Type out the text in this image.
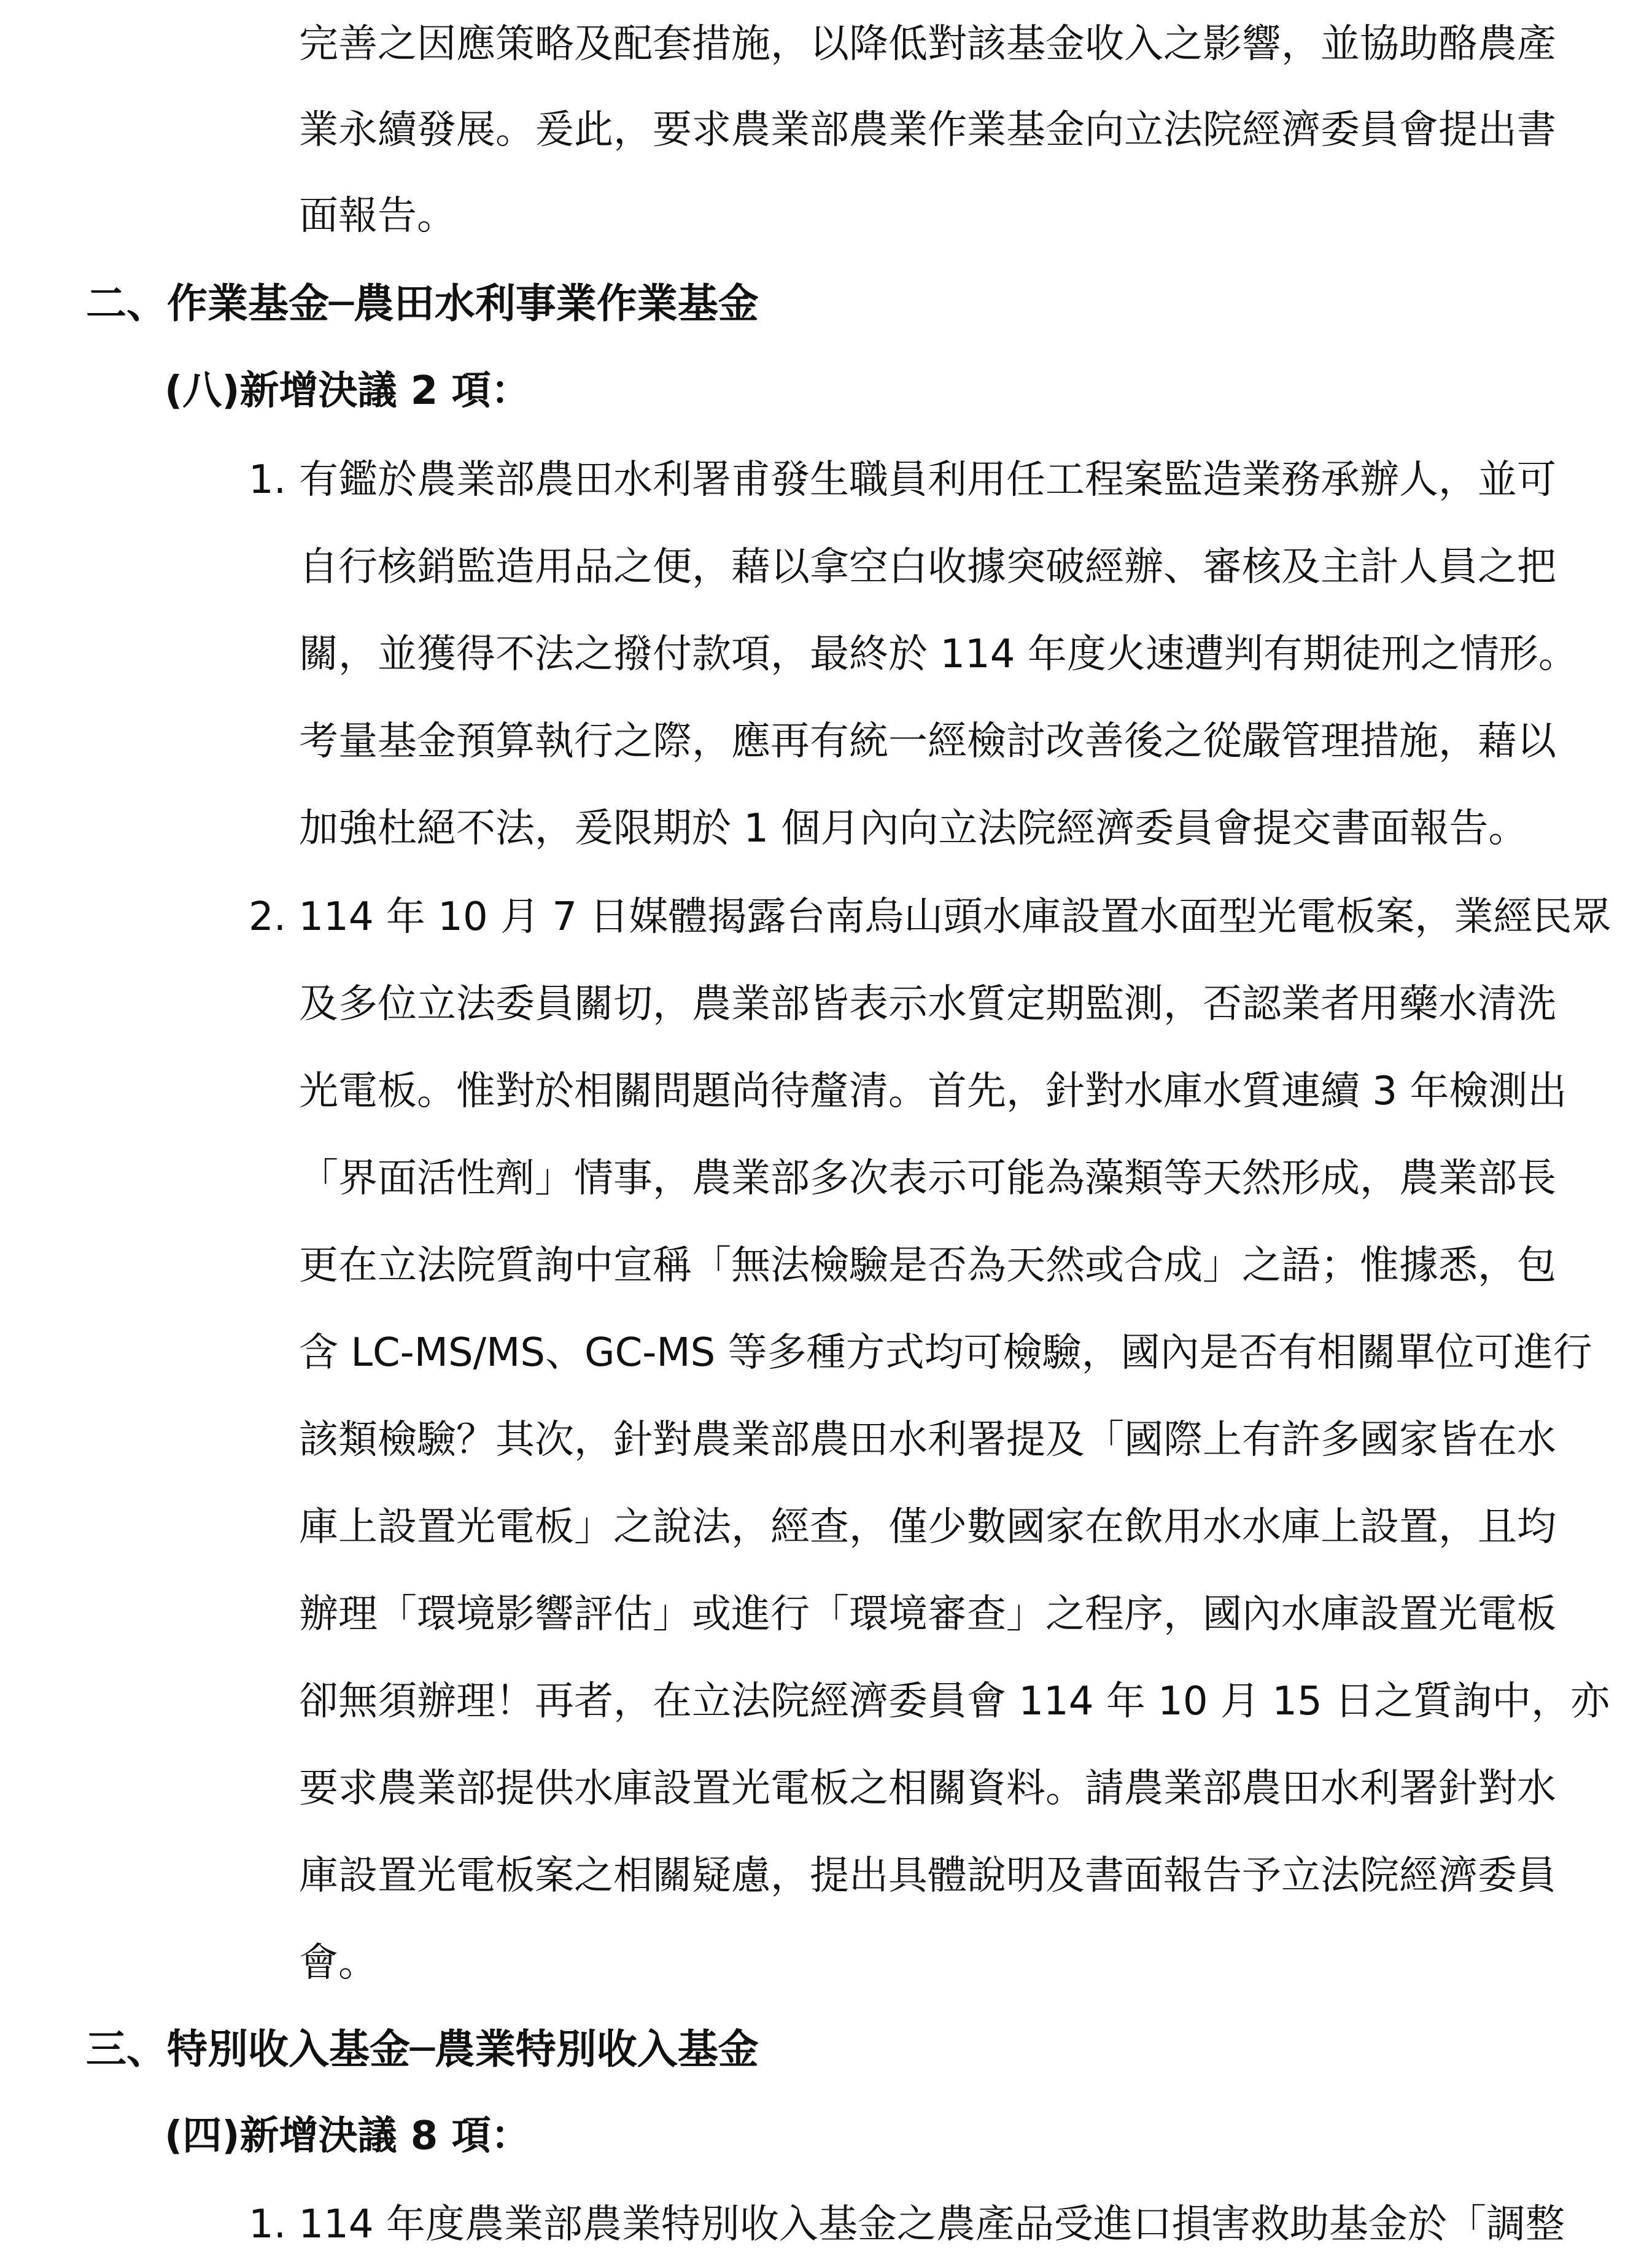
完善之因應策略及配套措施，以降低對該基金收入之影響，並協助酪農產
業永續發展。爰此，要求農業部農業作業基金向立法院經濟委員會提出書
面報告。
二、作業基金─農田水利事業作業基金
(八)新增決議 2 項：
1. 有鑑於農業部農田水利署甫發生職員利用任工程案監造業務承辦人，並可
自行核銷監造用品之便，藉以拿空白收據突破經辦、審核及主計人員之把
關，並獲得不法之撥付款項，最終於 114 年度火速遭判有期徒刑之情形。
考量基金預算執行之際，應再有統一經檢討改善後之從嚴管理措施，藉以
加強杜絕不法，爰限期於 1 個月內向立法院經濟委員會提交書面報告。
2. 114 年 10 月 7 日媒體揭露台南烏山頭水庫設置水面型光電板案，業經民眾
及多位立法委員關切，農業部皆表示水質定期監測，否認業者用藥水清洗
光電板。惟對於相關問題尚待釐清。首先，針對水庫水質連續 3 年檢測出
「界面活性劑」情事，農業部多次表示可能為藻類等天然形成，農業部長
更在立法院質詢中宣稱「無法檢驗是否為天然或合成」之語；惟據悉，包
含 LC-MS/MS、GC-MS 等多種方式均可檢驗，國內是否有相關單位可進行
該類檢驗？其次，針對農業部農田水利署提及「國際上有許多國家皆在水
庫上設置光電板」之說法，經查，僅少數國家在飲用水水庫上設置，且均
辦理「環境影響評估」或進行「環境審查」之程序，國內水庫設置光電板
卻無須辦理！再者，在立法院經濟委員會 114 年 10 月 15 日之質詢中，亦
要求農業部提供水庫設置光電板之相關資料。請農業部農田水利署針對水
庫設置光電板案之相關疑慮，提出具體說明及書面報告予立法院經濟委員
會。
三、特別收入基金─農業特別收入基金
(四)新增決議 8 項：
1. 114 年度農業部農業特別收入基金之農產品受進口損害救助基金於「調整
